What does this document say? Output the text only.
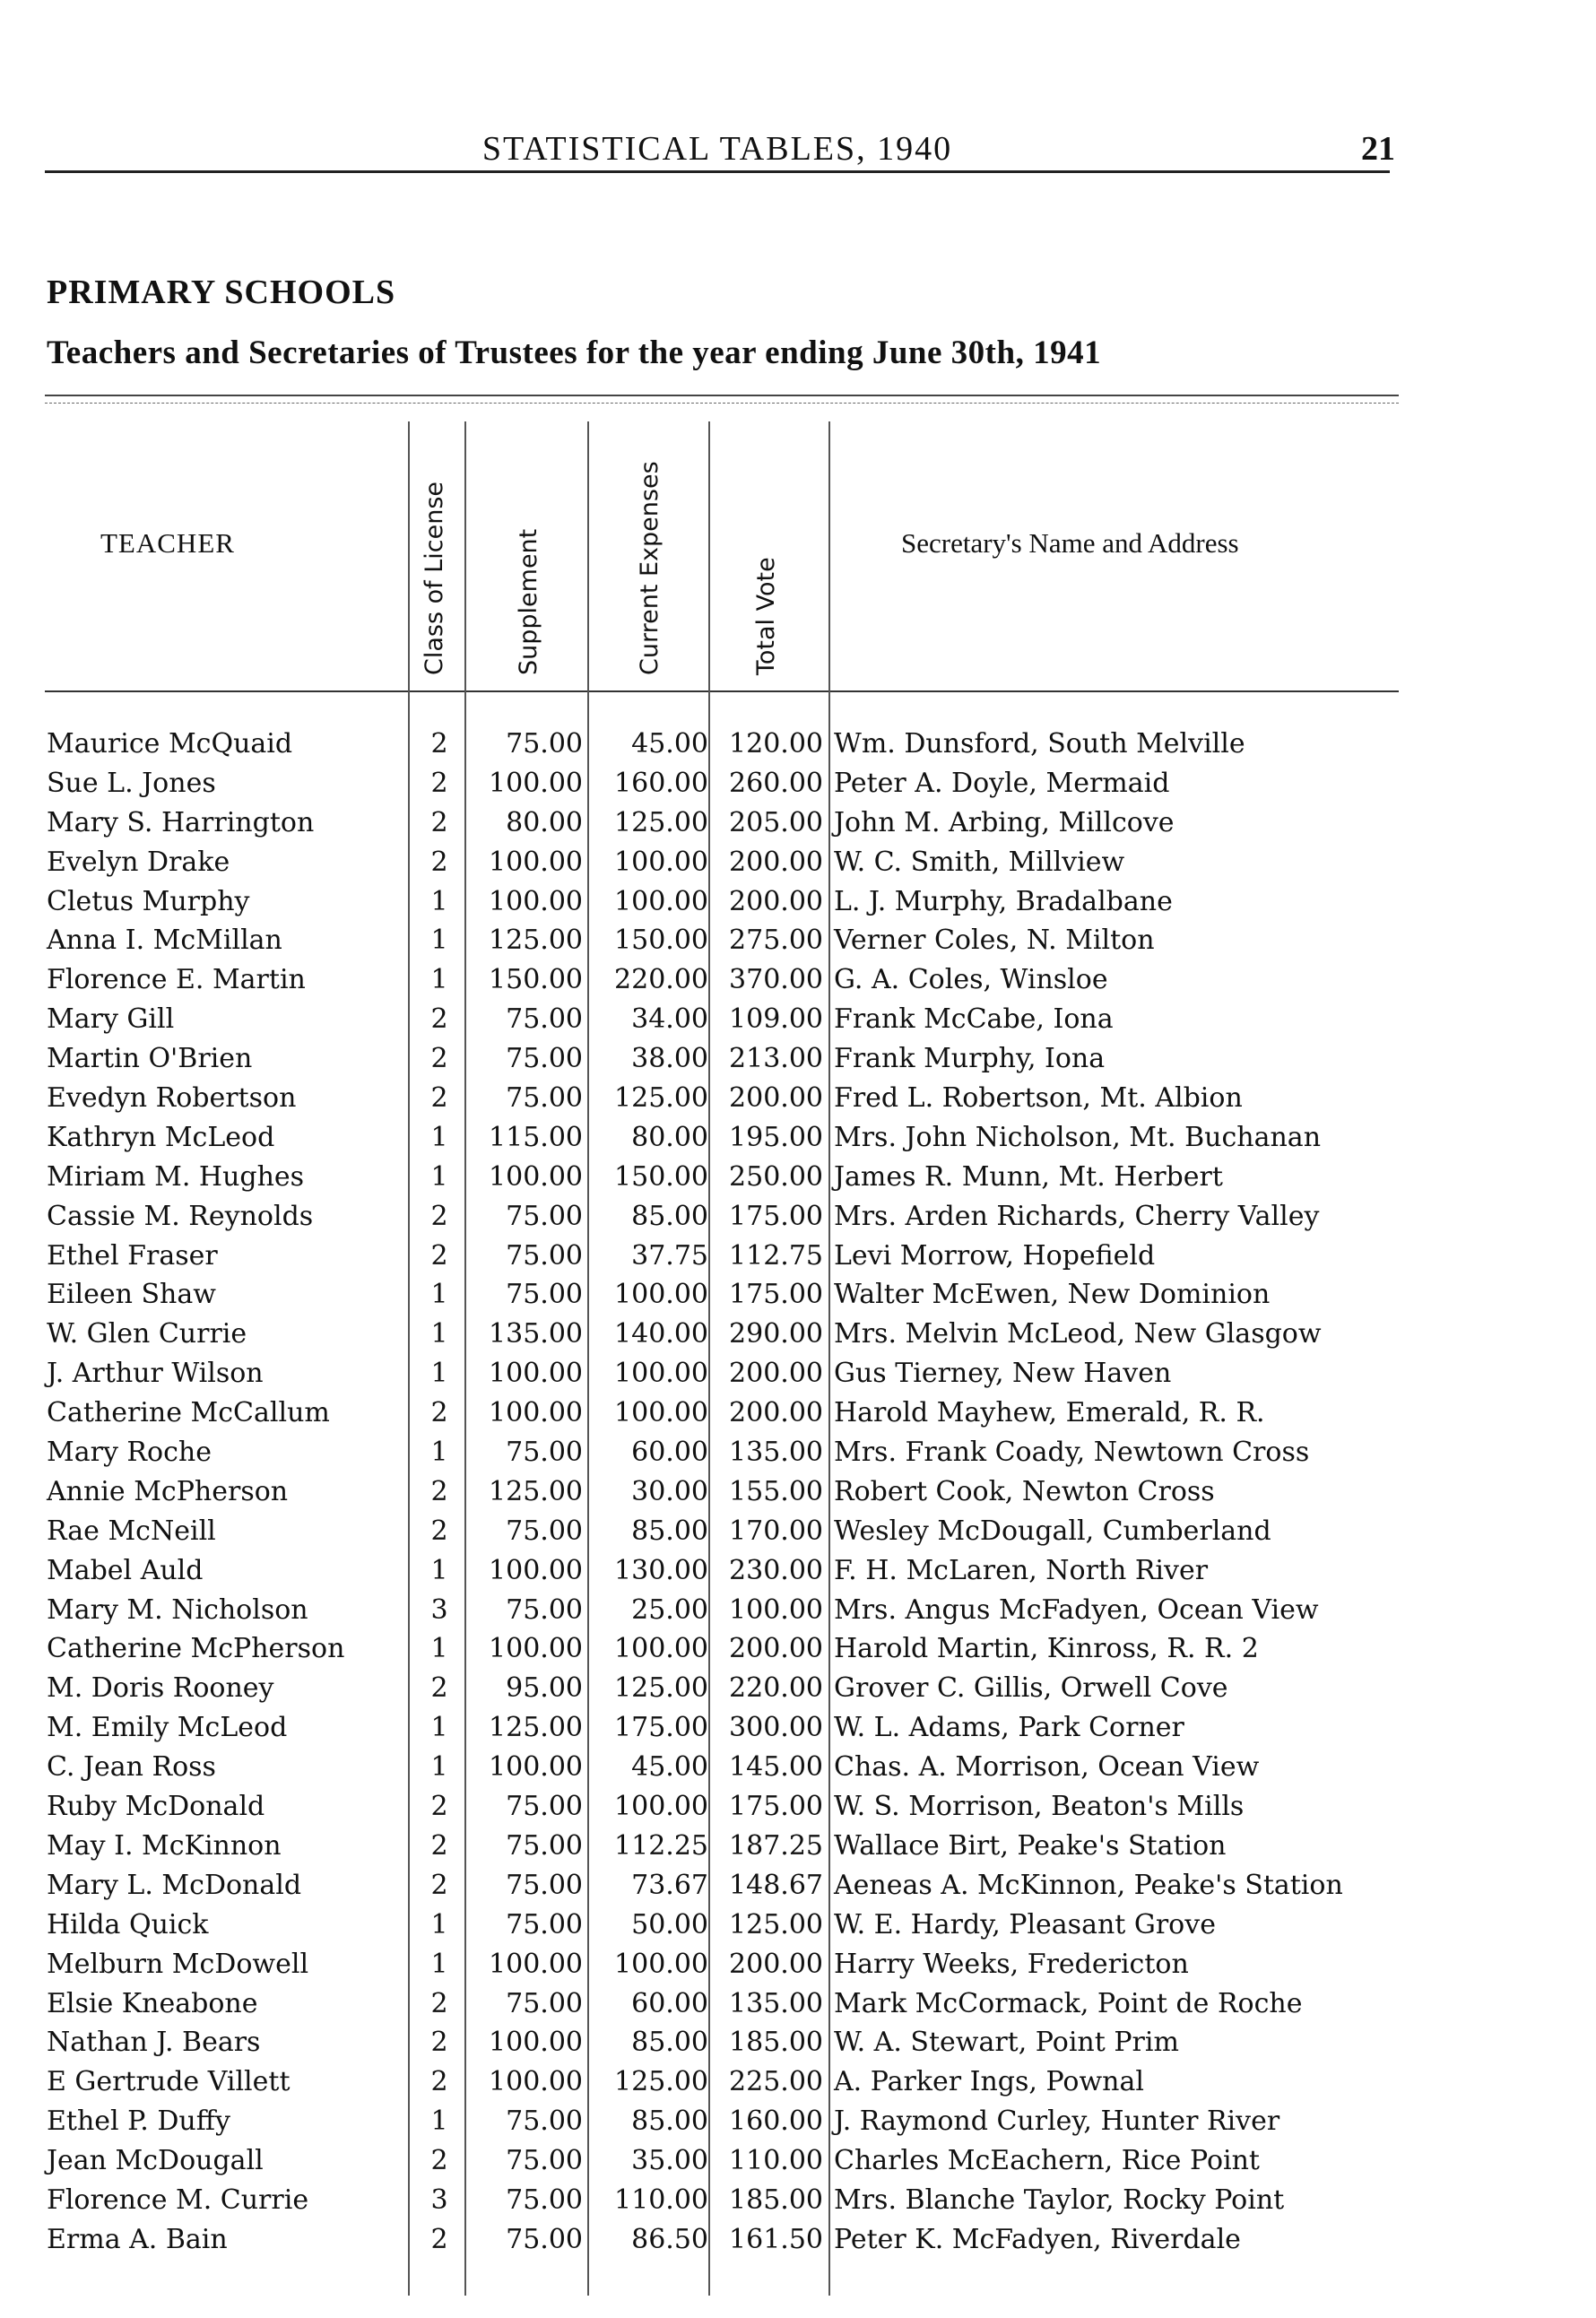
STATISTICAL TABLES, 1940	21
PRIMARY SCHOOLS
Teachers and Secretaries of Trustees for the year ending June 30th, 1941
TEACHER	Class of License	Supplement	Current Expenses	Total Vote
Secretary's Name and Address
Maurice McQuaid	2	75.00	45.00 120.00 Wm. Dunsford, South Melville
Sue L. Jones	2	100.00	160.00 260.00 Peter A. Doyle, Mermaid
Mary S. Harrington	2	80.00	125.00 205.00 John M. Arbing, Millcove
Evelyn Drake	2	100.00	100.00 200.00 W. C. Smith, Millview
Cletus Murphy	1	100.00	100.00 200.00 L. J. Murphy, Bradalbane
Anna I. McMillan	1	125.00	150.00 275.00 Verner Coles, N. Milton
Florence E. Martin	1	150.00	220.00 370.00 G. A. Coles, Winsloe
Mary Gill	2	75.00	34.00 109.00 Frank McCabe, Iona
Martin O'Brien	2	75.00	38.00 213.00 Frank Murphy, Iona
Evedyn Robertson	2	75.00	125.00 200.00 Fred L. Robertson, Mt. Albion
Kathryn McLeod	1	115.00	80.00 195.00 Mrs. John Nicholson, Mt. Buchanan
Miriam M. Hughes	1	100.00	150.00 250.00 James R. Munn, Mt. Herbert
Cassie M. Reynolds	2	75.00	85.00 175.00 Mrs. Arden Richards, Cherry Valley
Ethel Fraser	2	75.00	37.75 112.75 Levi Morrow, Hopefield
Eileen Shaw	1	75.00	100.00 175.00 Walter McEwen, New Dominion
W. Glen Currie	1	135.00	140.00 290.00 Mrs. Melvin McLeod, New Glasgow
J. Arthur Wilson	1	100.00	100.00 200.00 Gus Tierney, New Haven
Catherine McCallum	2	100.00	100.00 200.00 Harold Mayhew, Emerald, R. R.
Mary Roche	1	75.00	60.00 135.00 Mrs. Frank Coady, Newtown Cross
Annie McPherson	2	125.00	30.00 155.00 Robert Cook, Newton Cross
Rae McNeill	2	75.00	85.00 170.00 Wesley McDougall, Cumberland
Mabel Auld	1	100.00	130.00 230.00 F. H. McLaren, North River
Mary M. Nicholson	3	75.00	25.00 100.00 Mrs. Angus McFadyen, Ocean View
Catherine McPherson	1	100.00	100.00 200.00 Harold Martin, Kinross, R. R. 2
M. Doris Rooney	2	95.00	125.00 220.00 Grover C. Gillis, Orwell Cove
M. Emily McLeod	1	125.00	175.00 300.00 W. L. Adams, Park Corner
C. Jean Ross	1	100.00	45.00 145.00 Chas. A. Morrison, Ocean View
Ruby McDonald	2	75.00	100.00 175.00 W. S. Morrison, Beaton's Mills
May I. McKinnon	2	75.00	112.25 187.25 Wallace Birt, Peake's Station
Mary L. McDonald	2	75.00	73.67 148.67 Aeneas A. McKinnon, Peake's Station
Hilda Quick	1	75.00	50.00 125.00 W. E. Hardy, Pleasant Grove
Melburn McDowell	1	100.00	100.00 200.00 Harry Weeks, Fredericton
Elsie Kneabone	2	75.00	60.00 135.00 Mark McCormack, Point de Roche
Nathan J. Bears	2	100.00	85.00 185.00 W. A. Stewart, Point Prim
E Gertrude Villett	2	100.00	125.00 225.00 A. Parker Ings, Pownal
Ethel P. Duffy	1	75.00	85.00 160.00 J. Raymond Curley, Hunter River
Jean McDougall	2	75.00	35.00 110.00 Charles McEachern, Rice Point
Florence M. Currie	3	75.00	110.00 185.00 Mrs. Blanche Taylor, Rocky Point
Erma A. Bain	2	75.00	86.50 161.50 Peter K. McFadyen, Riverdale
